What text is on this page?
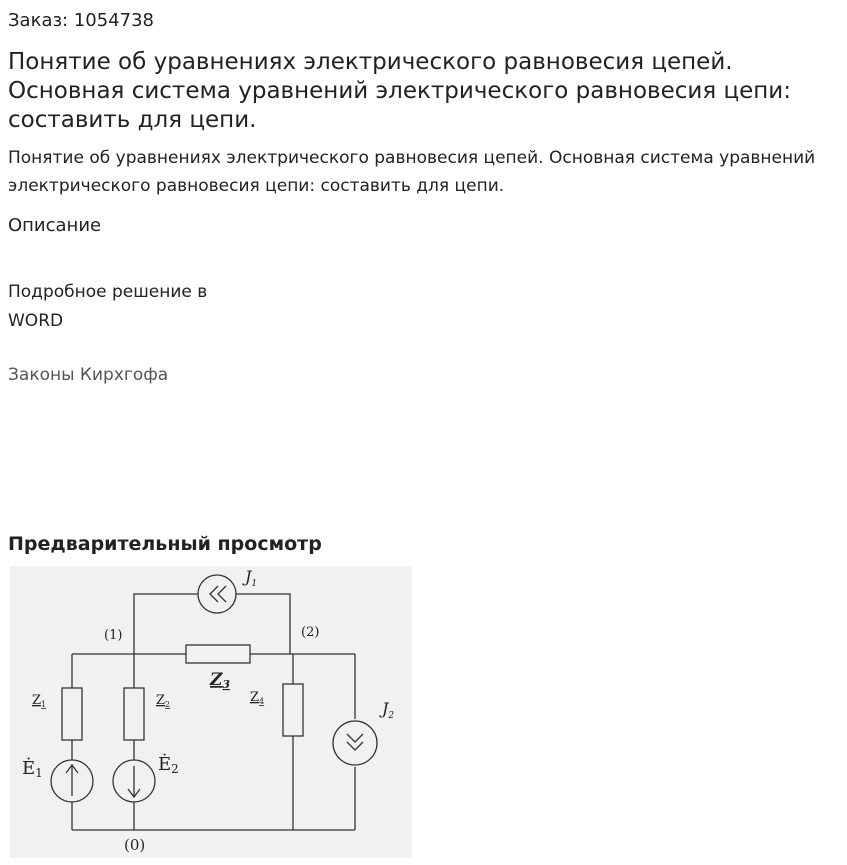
Заказ: 1054738
Понятие об уравнениях электрического равновесия цепей. Основная система уравнений электрического равновесия цепи: составить для цепи.
Понятие об уравнениях электрического равновесия цепей. Основная система уравнений электрического равновесия цепи: составить для цепи.
Описание
Подробное решение в
WORD
Законы Кирхгофа
Предварительный просмотр
(1)	(2)
(0)
$J_1$
$J_2$
$Z_1$	$Z_2$
Z3
$Z_4$
Ė1	Ė2
